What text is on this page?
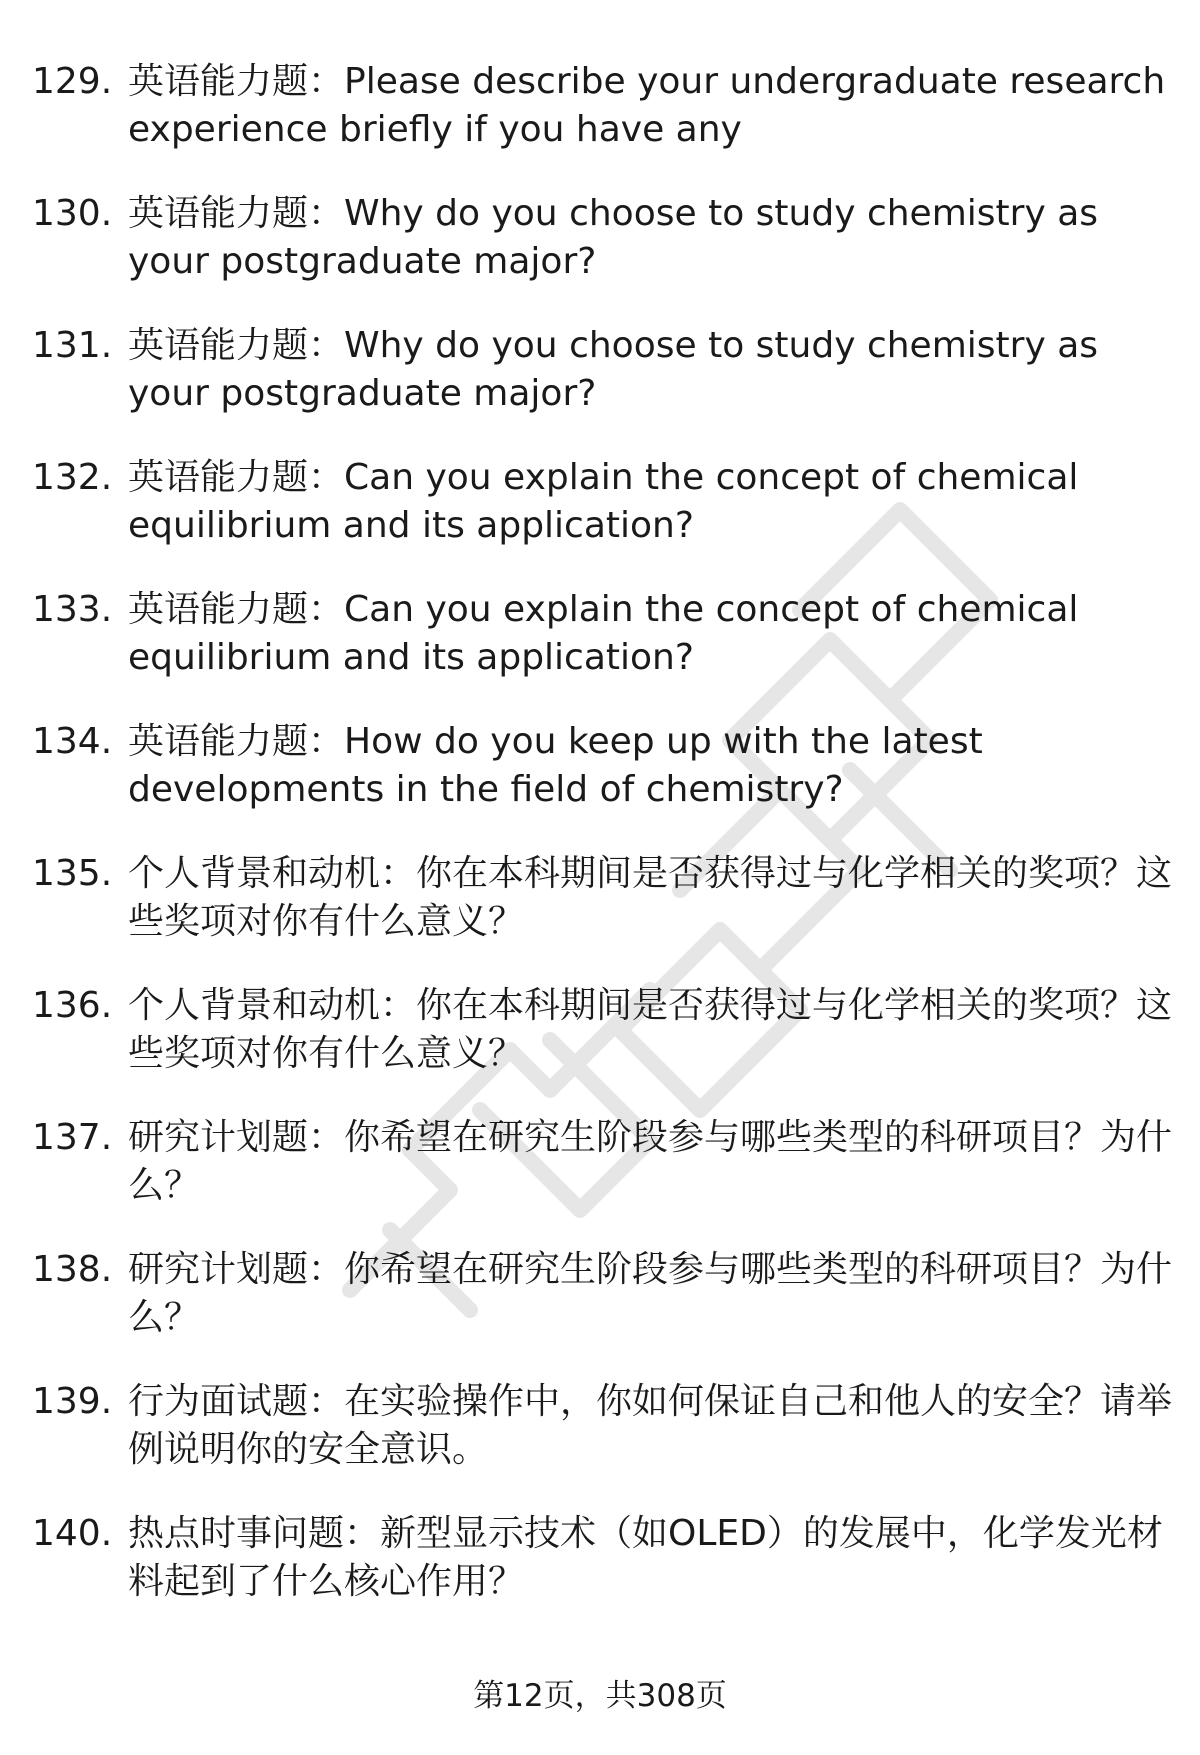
129. 英语能力题：Please describe your undergraduate research experience briefly if you have any
130. 英语能力题：Why do you choose to study chemistry as your postgraduate major?
131. 英语能力题：Why do you choose to study chemistry as your postgraduate major?
132. 英语能力题：Can you explain the concept of chemical equilibrium and its application?
133. 英语能力题：Can you explain the concept of chemical equilibrium and its application?
134. 英语能力题：How do you keep up with the latest developments in the field of chemistry?
135. 个人背景和动机：你在本科期间是否获得过与化学相关的奖项？这些奖项对你有什么意义？
136. 个人背景和动机：你在本科期间是否获得过与化学相关的奖项？这些奖项对你有什么意义？
137. 研究计划题：你希望在研究生阶段参与哪些类型的科研项目？为什么？
138. 研究计划题：你希望在研究生阶段参与哪些类型的科研项目？为什么？
139. 行为面试题：在实验操作中，你如何保证自己和他人的安全？请举例说明你的安全意识。
140. 热点时事问题：新型显示技术（如OLED）的发展中，化学发光材料起到了什么核心作用？
第12页，共308页
